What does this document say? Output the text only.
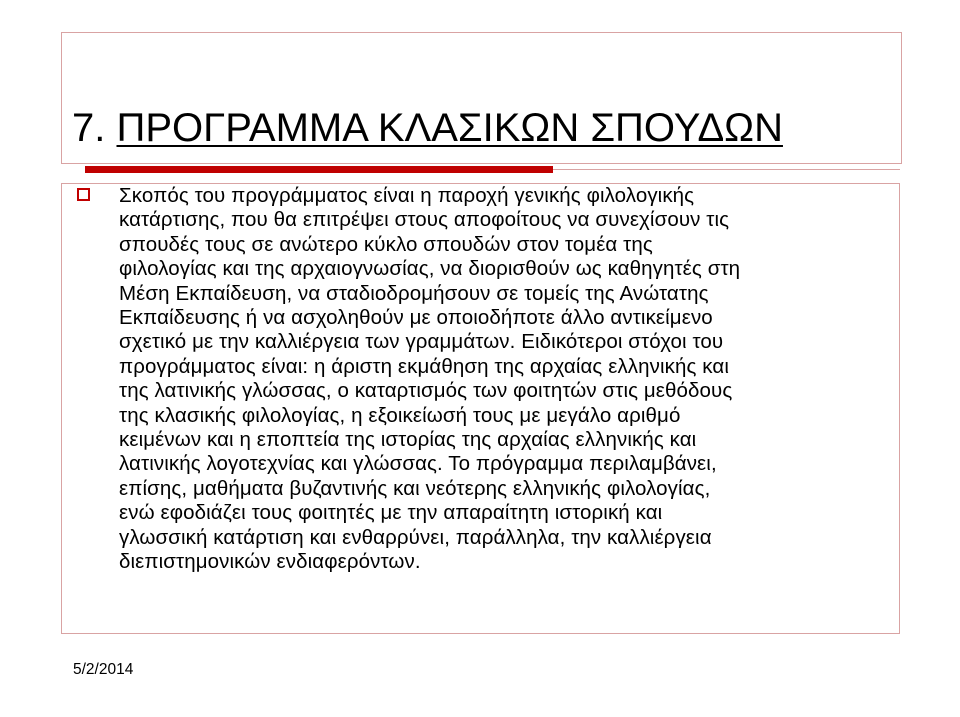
7. ΠΡΟΓΡΑΜΜΑ ΚΛΑΣΙΚΩΝ ΣΠΟΥΔΩΝ
Σκοπός του προγράμματος είναι η παροχή γενικής φιλολογικής
κατάρτισης, που θα επιτρέψει στους αποφοίτους να συνεχίσουν τις
σπουδές τους σε ανώτερο κύκλο σπουδών στον τομέα της
φιλολογίας και της αρχαιογνωσίας, να διορισθούν ως καθηγητές στη
Μέση Εκπαίδευση, να σταδιοδρομήσουν σε τομείς της Ανώτατης
Εκπαίδευσης ή να ασχοληθούν με οποιοδήποτε άλλο αντικείμενο
σχετικό με την καλλιέργεια των γραμμάτων. Ειδικότεροι στόχοι του
προγράμματος είναι: η άριστη εκμάθηση της αρχαίας ελληνικής και
της λατινικής γλώσσας, ο καταρτισμός των φοιτητών στις μεθόδους
της κλασικής φιλολογίας, η εξοικείωσή τους με μεγάλο αριθμό
κειμένων και η εποπτεία της ιστορίας της αρχαίας ελληνικής και
λατινικής λογοτεχνίας και γλώσσας. Το πρόγραμμα περιλαμβάνει,
επίσης, μαθήματα βυζαντινής και νεότερης ελληνικής φιλολογίας,
ενώ εφοδιάζει τους φοιτητές με την απαραίτητη ιστορική και
γλωσσική κατάρτιση και ενθαρρύνει, παράλληλα, την καλλιέργεια
διεπιστημονικών ενδιαφερόντων.
5/2/2014
